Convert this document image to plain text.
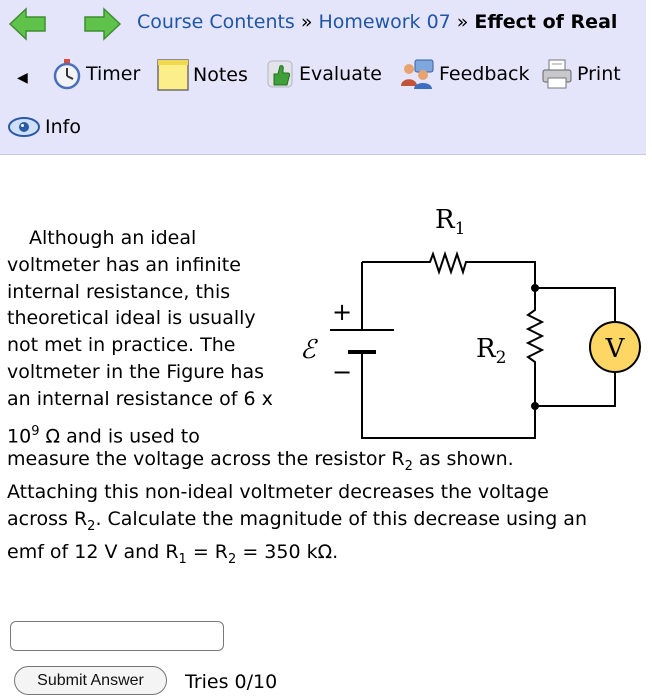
Course Contents » Homework 07 » Effect of Real
◀	Timer	Notes	Evaluate	Feedback	Print
Info
Although an ideal
voltmeter has an infinite
internal resistance, this
theoretical ideal is usually
not met in practice. The
voltmeter in the Figure has
an internal resistance of 6 x
$10^9$ Ω and is used to
measure the voltage across the resistor $R_2$ as shown.
Attaching this non-ideal voltmeter decreases the voltage
across $R_2$. Calculate the magnitude of this decrease using an
emf of 12 V and $R_1 = R_2 = 350$ kΩ.
$R_1$
$R_2$
ℰ
+
−
V
Submit Answer	Tries 0/10
